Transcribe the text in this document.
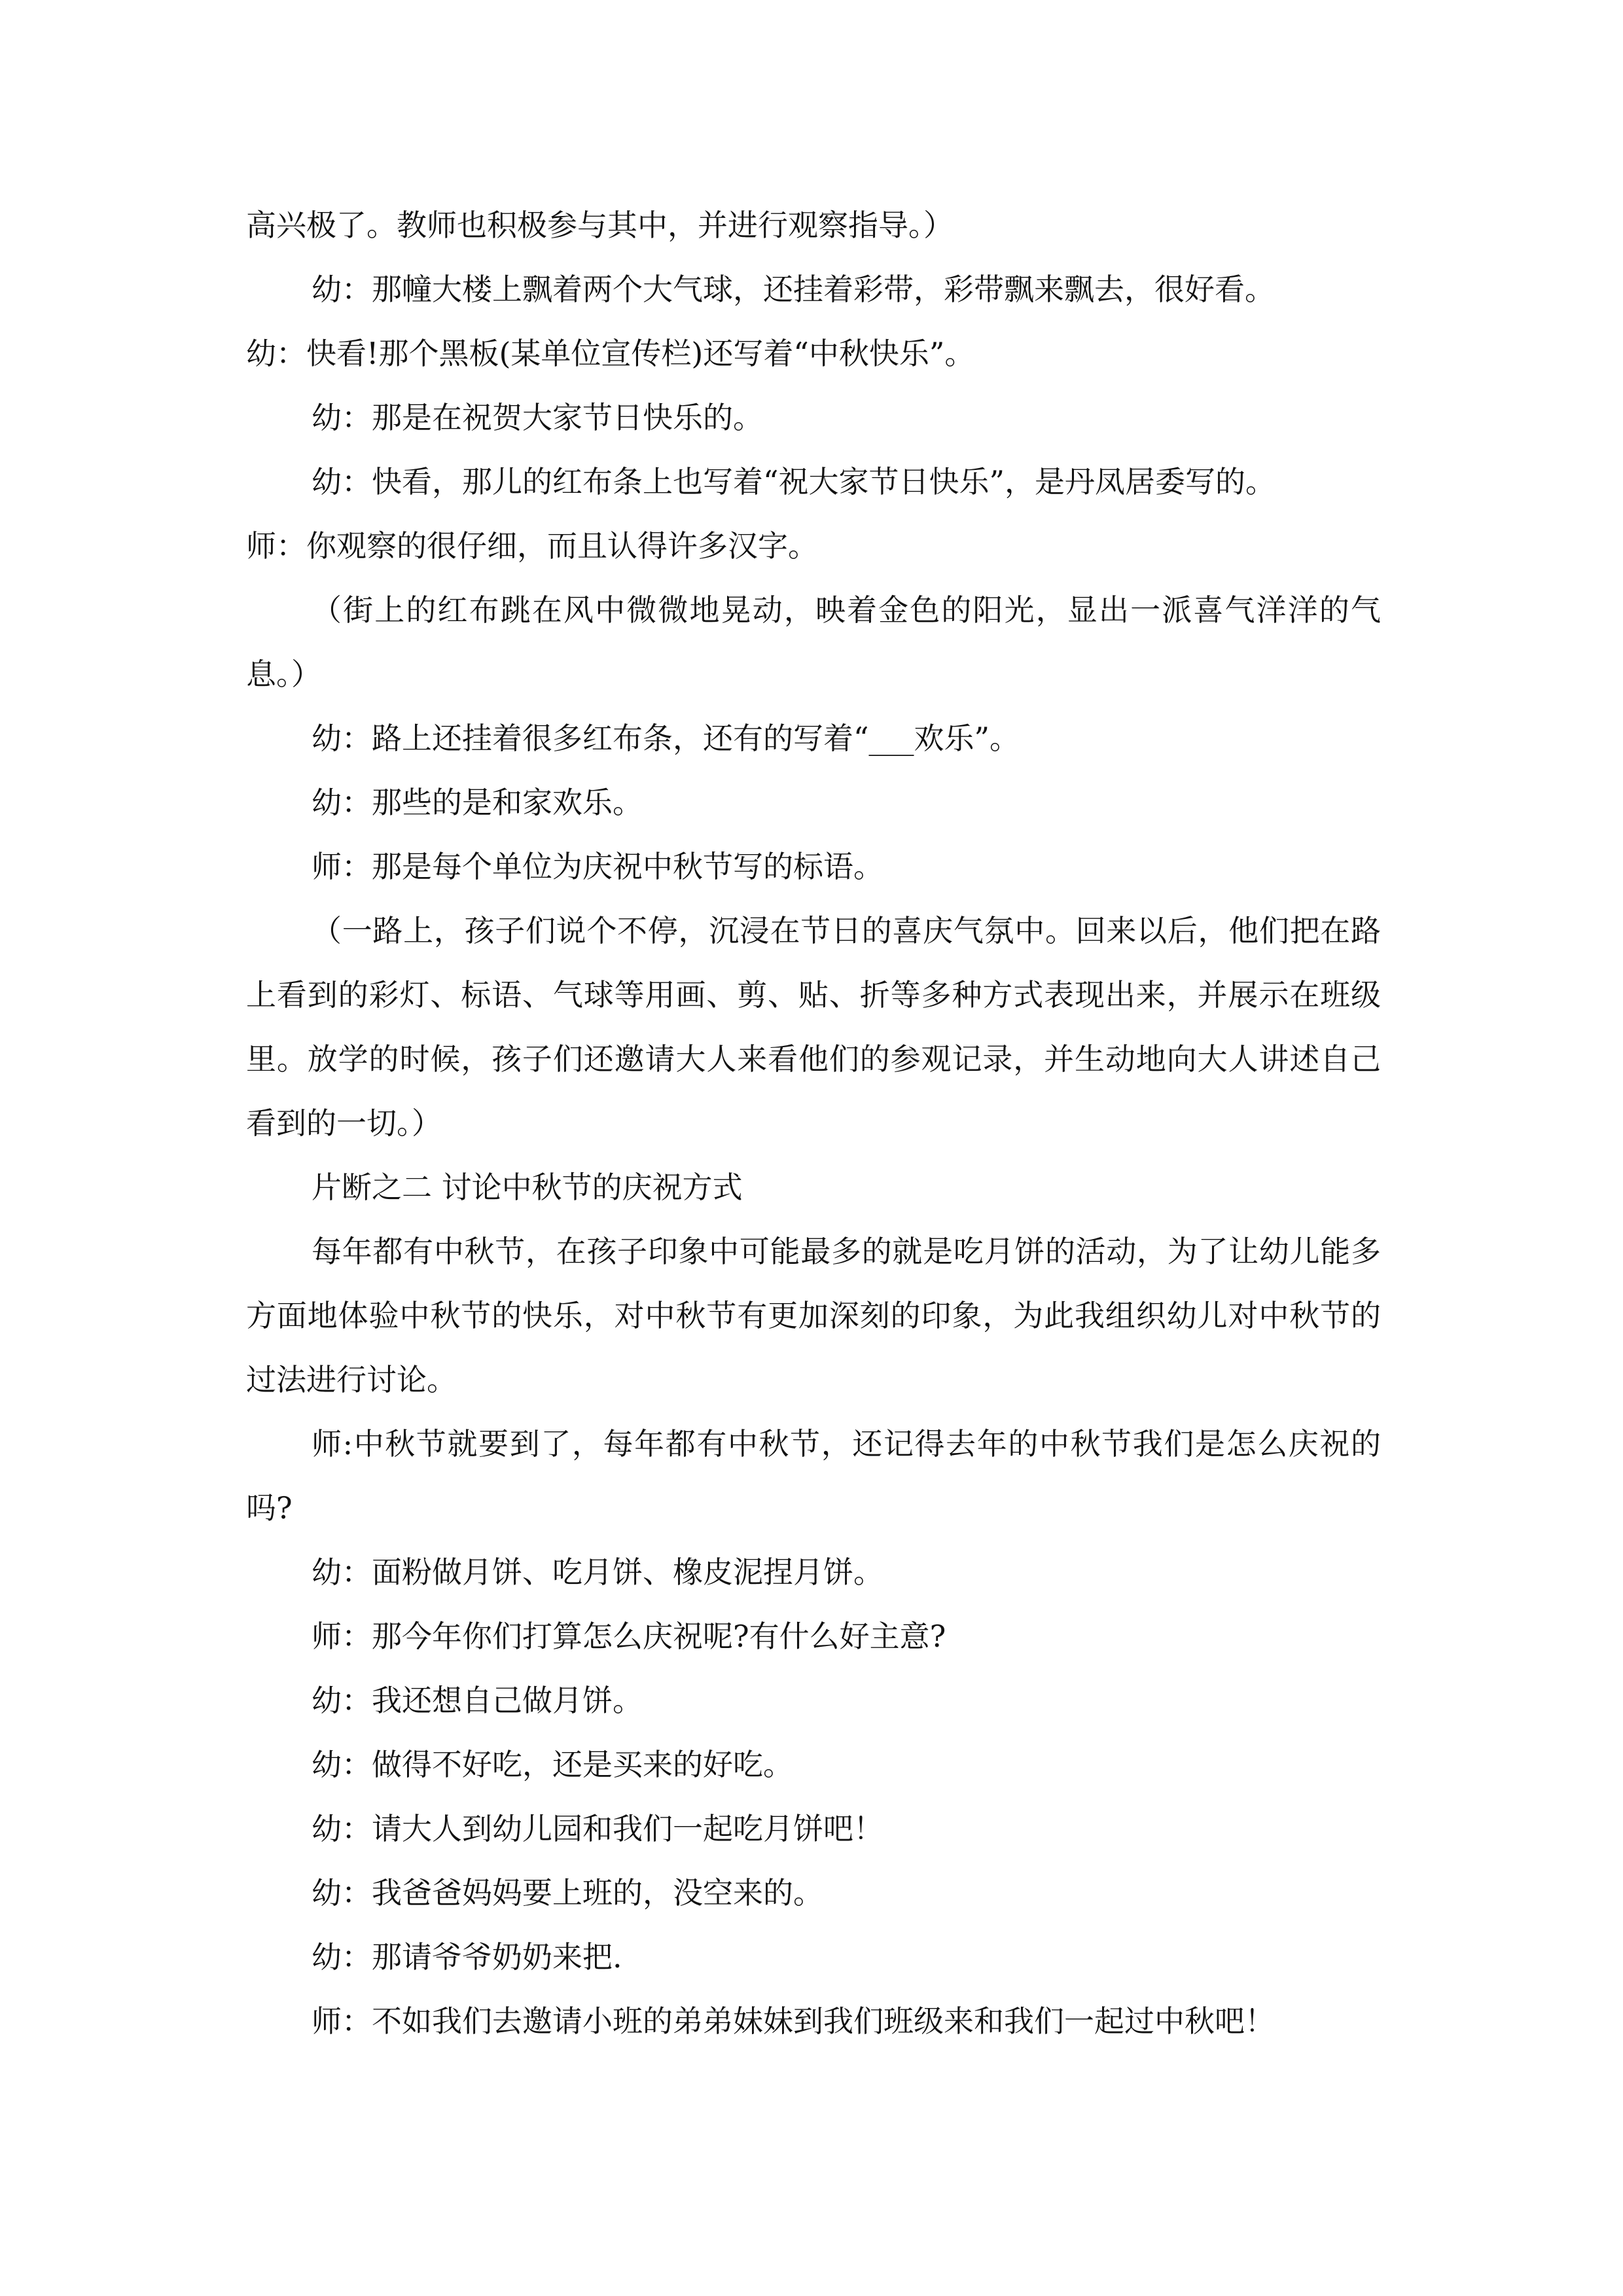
高兴极了。教师也积极参与其中，并进行观察指导。）

幼：那幢大楼上飘着两个大气球，还挂着彩带，彩带飘来飘去，很好看。

幼：快看!那个黑板(某单位宣传栏)还写着“中秋快乐”。

幼：那是在祝贺大家节日快乐的。

幼：快看，那儿的红布条上也写着“祝大家节日快乐”，是丹凤居委写的。

师：你观察的很仔细，而且认得许多汉字。

（街上的红布跳在风中微微地晃动，映着金色的阳光，显出一派喜气洋洋的气息。）

幼：路上还挂着很多红布条，还有的写着“___欢乐”。

幼：那些的是和家欢乐。

师：那是每个单位为庆祝中秋节写的标语。

（一路上，孩子们说个不停，沉浸在节日的喜庆气氛中。回来以后，他们把在路上看到的彩灯、标语、气球等用画、剪、贴、折等多种方式表现出来，并展示在班级里。放学的时候，孩子们还邀请大人来看他们的参观记录，并生动地向大人讲述自己看到的一切。）

片断之二 讨论中秋节的庆祝方式

每年都有中秋节，在孩子印象中可能最多的就是吃月饼的活动，为了让幼儿能多方面地体验中秋节的快乐，对中秋节有更加深刻的印象，为此我组织幼儿对中秋节的过法进行讨论。

师:中秋节就要到了，每年都有中秋节，还记得去年的中秋节我们是怎么庆祝的吗?

幼：面粉做月饼、吃月饼、橡皮泥捏月饼。

师：那今年你们打算怎么庆祝呢?有什么好主意?

幼：我还想自己做月饼。

幼：做得不好吃，还是买来的好吃。

幼：请大人到幼儿园和我们一起吃月饼吧！

幼：我爸爸妈妈要上班的，没空来的。

幼：那请爷爷奶奶来把.

师：不如我们去邀请小班的弟弟妹妹到我们班级来和我们一起过中秋吧！
